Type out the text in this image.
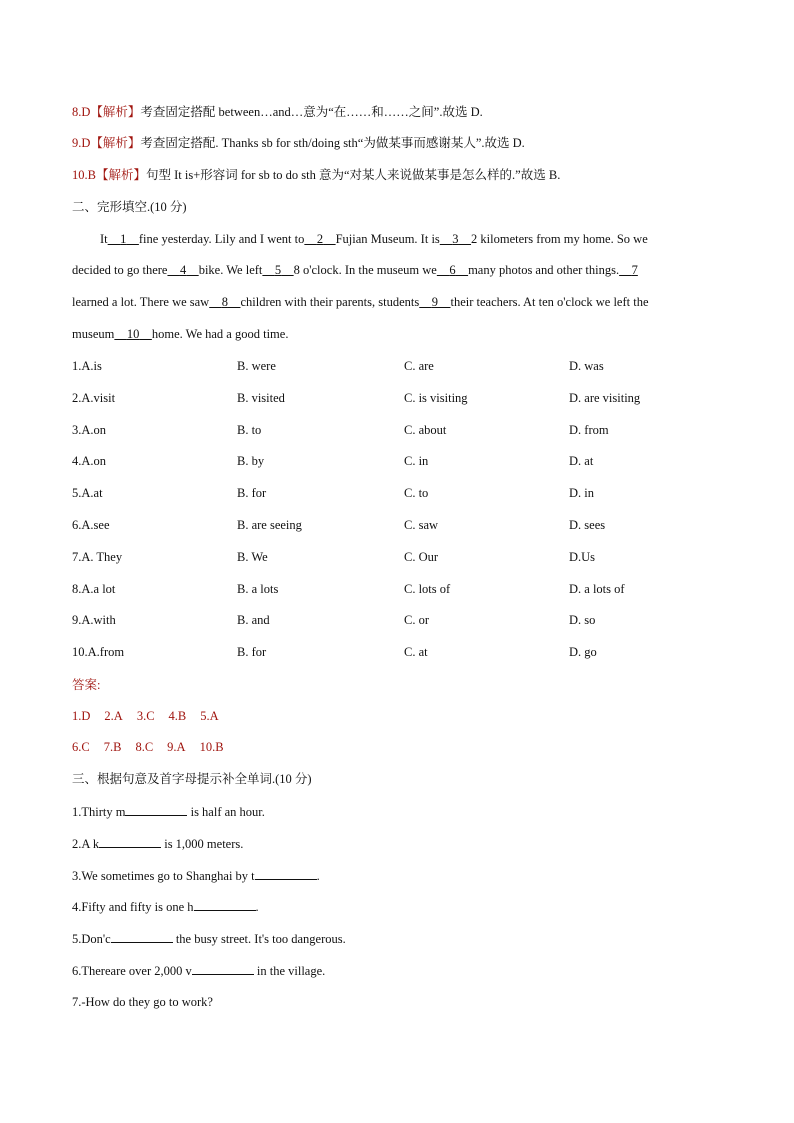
8.D【解析】考查固定搭配 between…and…意为“在……和……之间”.故选 D.
9.D【解析】考查固定搭配. Thanks sb for sth/doing sth“为做某事而感谢某人”.故选 D.
10.B【解析】句型 It is+形容词 for sb to do sth 意为“对某人来说做某事是怎么样的.”故选 B.
二、完形填空.(10 分)
It 1 fine yesterday. Lily and I went to 2 Fujian Museum. It is 3 2 kilometers from my home. So we
decided to go there 4 bike. We left 5 8 o'clock. In the museum we 6 many photos and other things. 7
learned a lot. There we saw 8 children with their parents, students 9 their teachers. At ten o'clock we left the
museum 10 home. We had a good time.
1.A.is	B. were	C. are	D. was
2.A.visit	B. visited	C. is visiting	D. are visiting
3.A.on	B. to	C. about	D. from
4.A.on	B. by	C. in	D. at
5.A.at	B. for	C. to	D. in
6.A.see	B. are seeing	C. saw	D. sees
7.A. They	B. We	C. Our	D.Us
8.A.a lot	B. a lots	C. lots of	D. a lots of
9.A.with	B. and	C. or	D. so
10.A.from	B. for	C. at	D. go
答案:
1.D 2.A 3.C 4.B 5.A
6.C 7.B 8.C 9.A 10.B
三、根据句意及首字母提示补全单词.(10 分)
1.Thirty m	is half an hour.
2.A k	is 1,000 meters.
3.We sometimes go to Shanghai by t	.
4.Fifty and fifty is one h	.
5.Don'c	the busy street. It's too dangerous.
6.Thereare over 2,000 v	in the village.
7.-How do they go to work?
